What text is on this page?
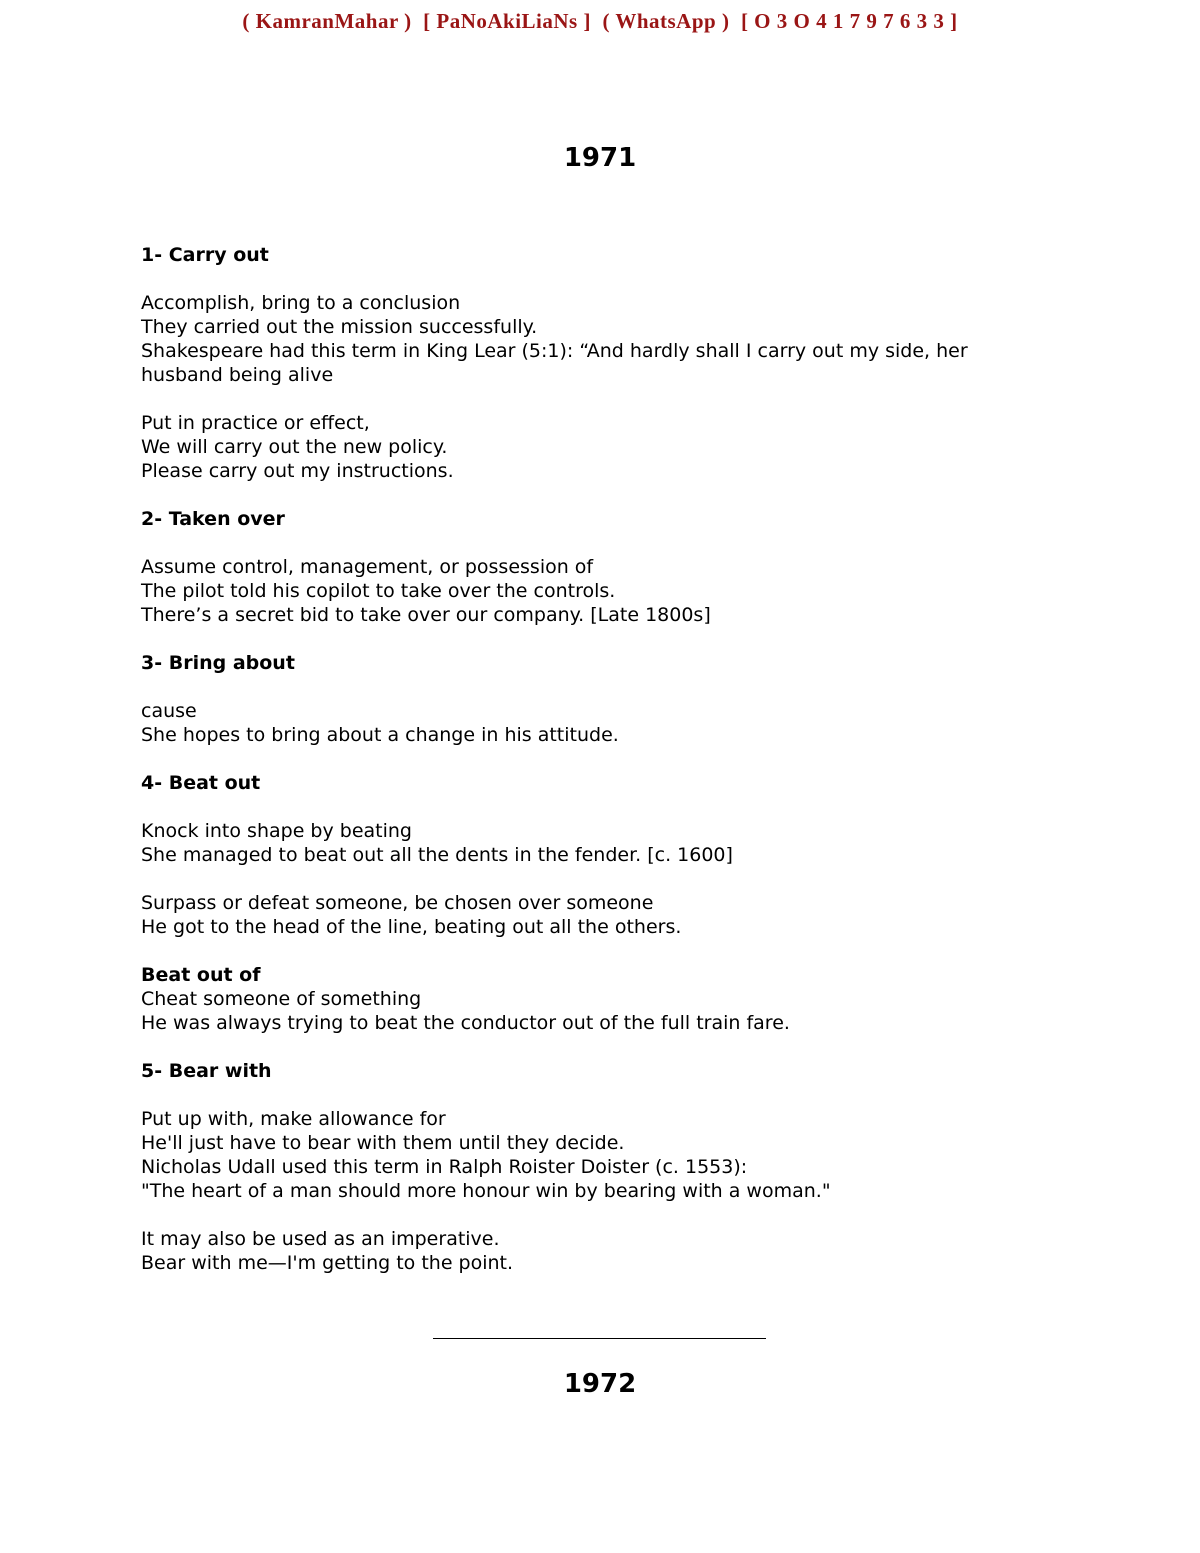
( KamranMahar )  [ PaNoAkiLiaNs ]  ( WhatsApp )  [ O 3 O 4 1 7 9 7 6 3 3 ]
1971

1- Carry out

Accomplish, bring to a conclusion

They carried out the mission successfully.

Shakespeare had this term in King Lear (5:1): “And hardly shall I carry out my side, her

husband being alive

Put in practice or effect,

We will carry out the new policy.

Please carry out my instructions.

2- Taken over

Assume control, management, or possession of

The pilot told his copilot to take over the controls.

There’s a secret bid to take over our company. [Late 1800s]

3- Bring about

cause

She hopes to bring about a change in his attitude.

4- Beat out

Knock into shape by beating

She managed to beat out all the dents in the fender. [c. 1600]

Surpass or defeat someone, be chosen over someone

He got to the head of the line, beating out all the others.

Beat out of

Cheat someone of something

He was always trying to beat the conductor out of the full train fare.

5- Bear with

Put up with, make allowance for

He'll just have to bear with them until they decide.

Nicholas Udall used this term in Ralph Roister Doister (c. 1553):

"The heart of a man should more honour win by bearing with a woman."

It may also be used as an imperative.

Bear with me—I'm getting to the point.

1972
